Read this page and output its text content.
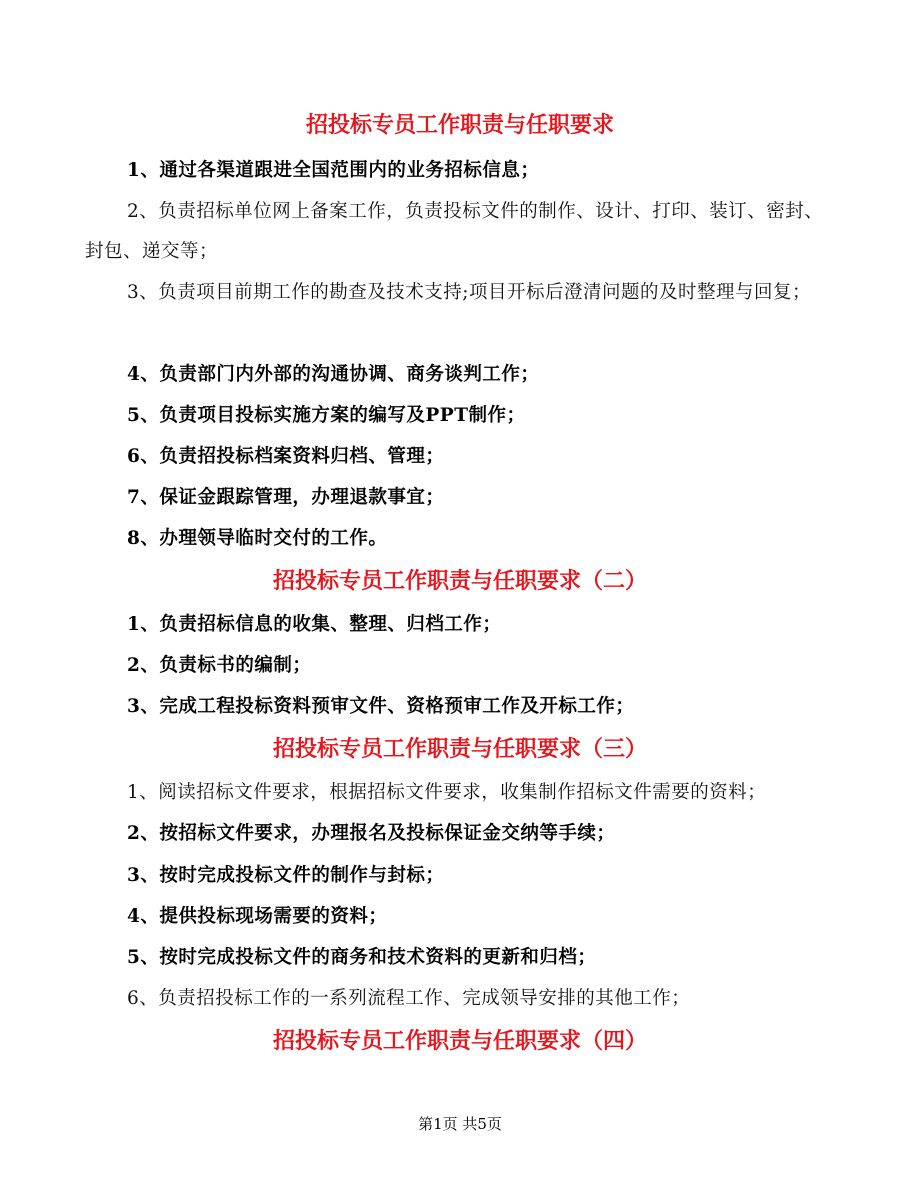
招投标专员工作职责与任职要求
1、通过各渠道跟进全国范围内的业务招标信息；
2、负责招标单位网上备案工作，负责投标文件的制作、设计、打印、装订、密封、封包、递交等；
3、负责项目前期工作的勘查及技术支持;项目开标后澄清问题的及时整理与回复；
4、负责部门内外部的沟通协调、商务谈判工作；
5、负责项目投标实施方案的编写及PPT制作；
6、负责招投标档案资料归档、管理；
7、保证金跟踪管理，办理退款事宜；
8、办理领导临时交付的工作。
招投标专员工作职责与任职要求（二）
1、负责招标信息的收集、整理、归档工作；
2、负责标书的编制；
3、完成工程投标资料预审文件、资格预审工作及开标工作；
招投标专员工作职责与任职要求（三）
1、阅读招标文件要求，根据招标文件要求，收集制作招标文件需要的资料；
2、按招标文件要求，办理报名及投标保证金交纳等手续；
3、按时完成投标文件的制作与封标；
4、提供投标现场需要的资料；
5、按时完成投标文件的商务和技术资料的更新和归档；
6、负责招投标工作的一系列流程工作、完成领导安排的其他工作；
招投标专员工作职责与任职要求（四）
第1页 共5页
